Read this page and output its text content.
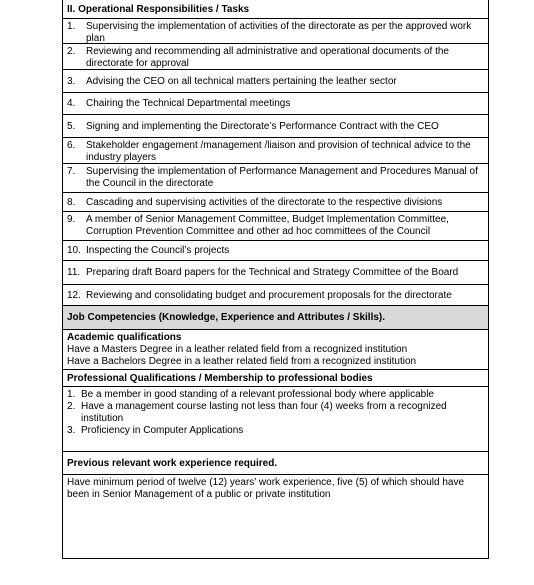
II. Operational Responsibilities / Tasks
1.	Supervising the implementation of activities of the directorate as per the approved work plan
2.	Reviewing and recommending all administrative and operational documents of the directorate for approval
3.	Advising the CEO on all technical matters pertaining the leather sector
4.	Chairing the Technical Departmental meetings
5.	Signing and implementing the Directorate’s Performance Contract with the CEO
6.	Stakeholder engagement /management /liaison and provision of technical advice to the industry players
7.	Supervising the implementation of Performance Management and Procedures Manual of the Council in the directorate
8.	Cascading and supervising activities of the directorate to the respective divisions
9.	A member of Senior Management Committee, Budget Implementation Committee, Corruption Prevention Committee and other ad hoc committees of the Council
10. Inspecting the Council’s projects
11. Preparing draft Board papers for the Technical and Strategy Committee of the Board
12. Reviewing and consolidating budget and procurement proposals for the directorate
Job Competencies (Knowledge, Experience and Attributes / Skills).
Academic qualifications
Have a Masters Degree in a leather related field from a recognized institution
Have a Bachelors Degree in a leather related field from a recognized institution
Professional Qualifications / Membership to professional bodies
1. Be a member in good standing of a relevant professional body where applicable
2. Have a management course lasting not less than four (4) weeks from a recognized institution
3. Proficiency in Computer Applications
Previous relevant work experience required.
Have minimum period of twelve (12) years’ work experience, five (5) of which should have been in Senior Management of a public or private institution
